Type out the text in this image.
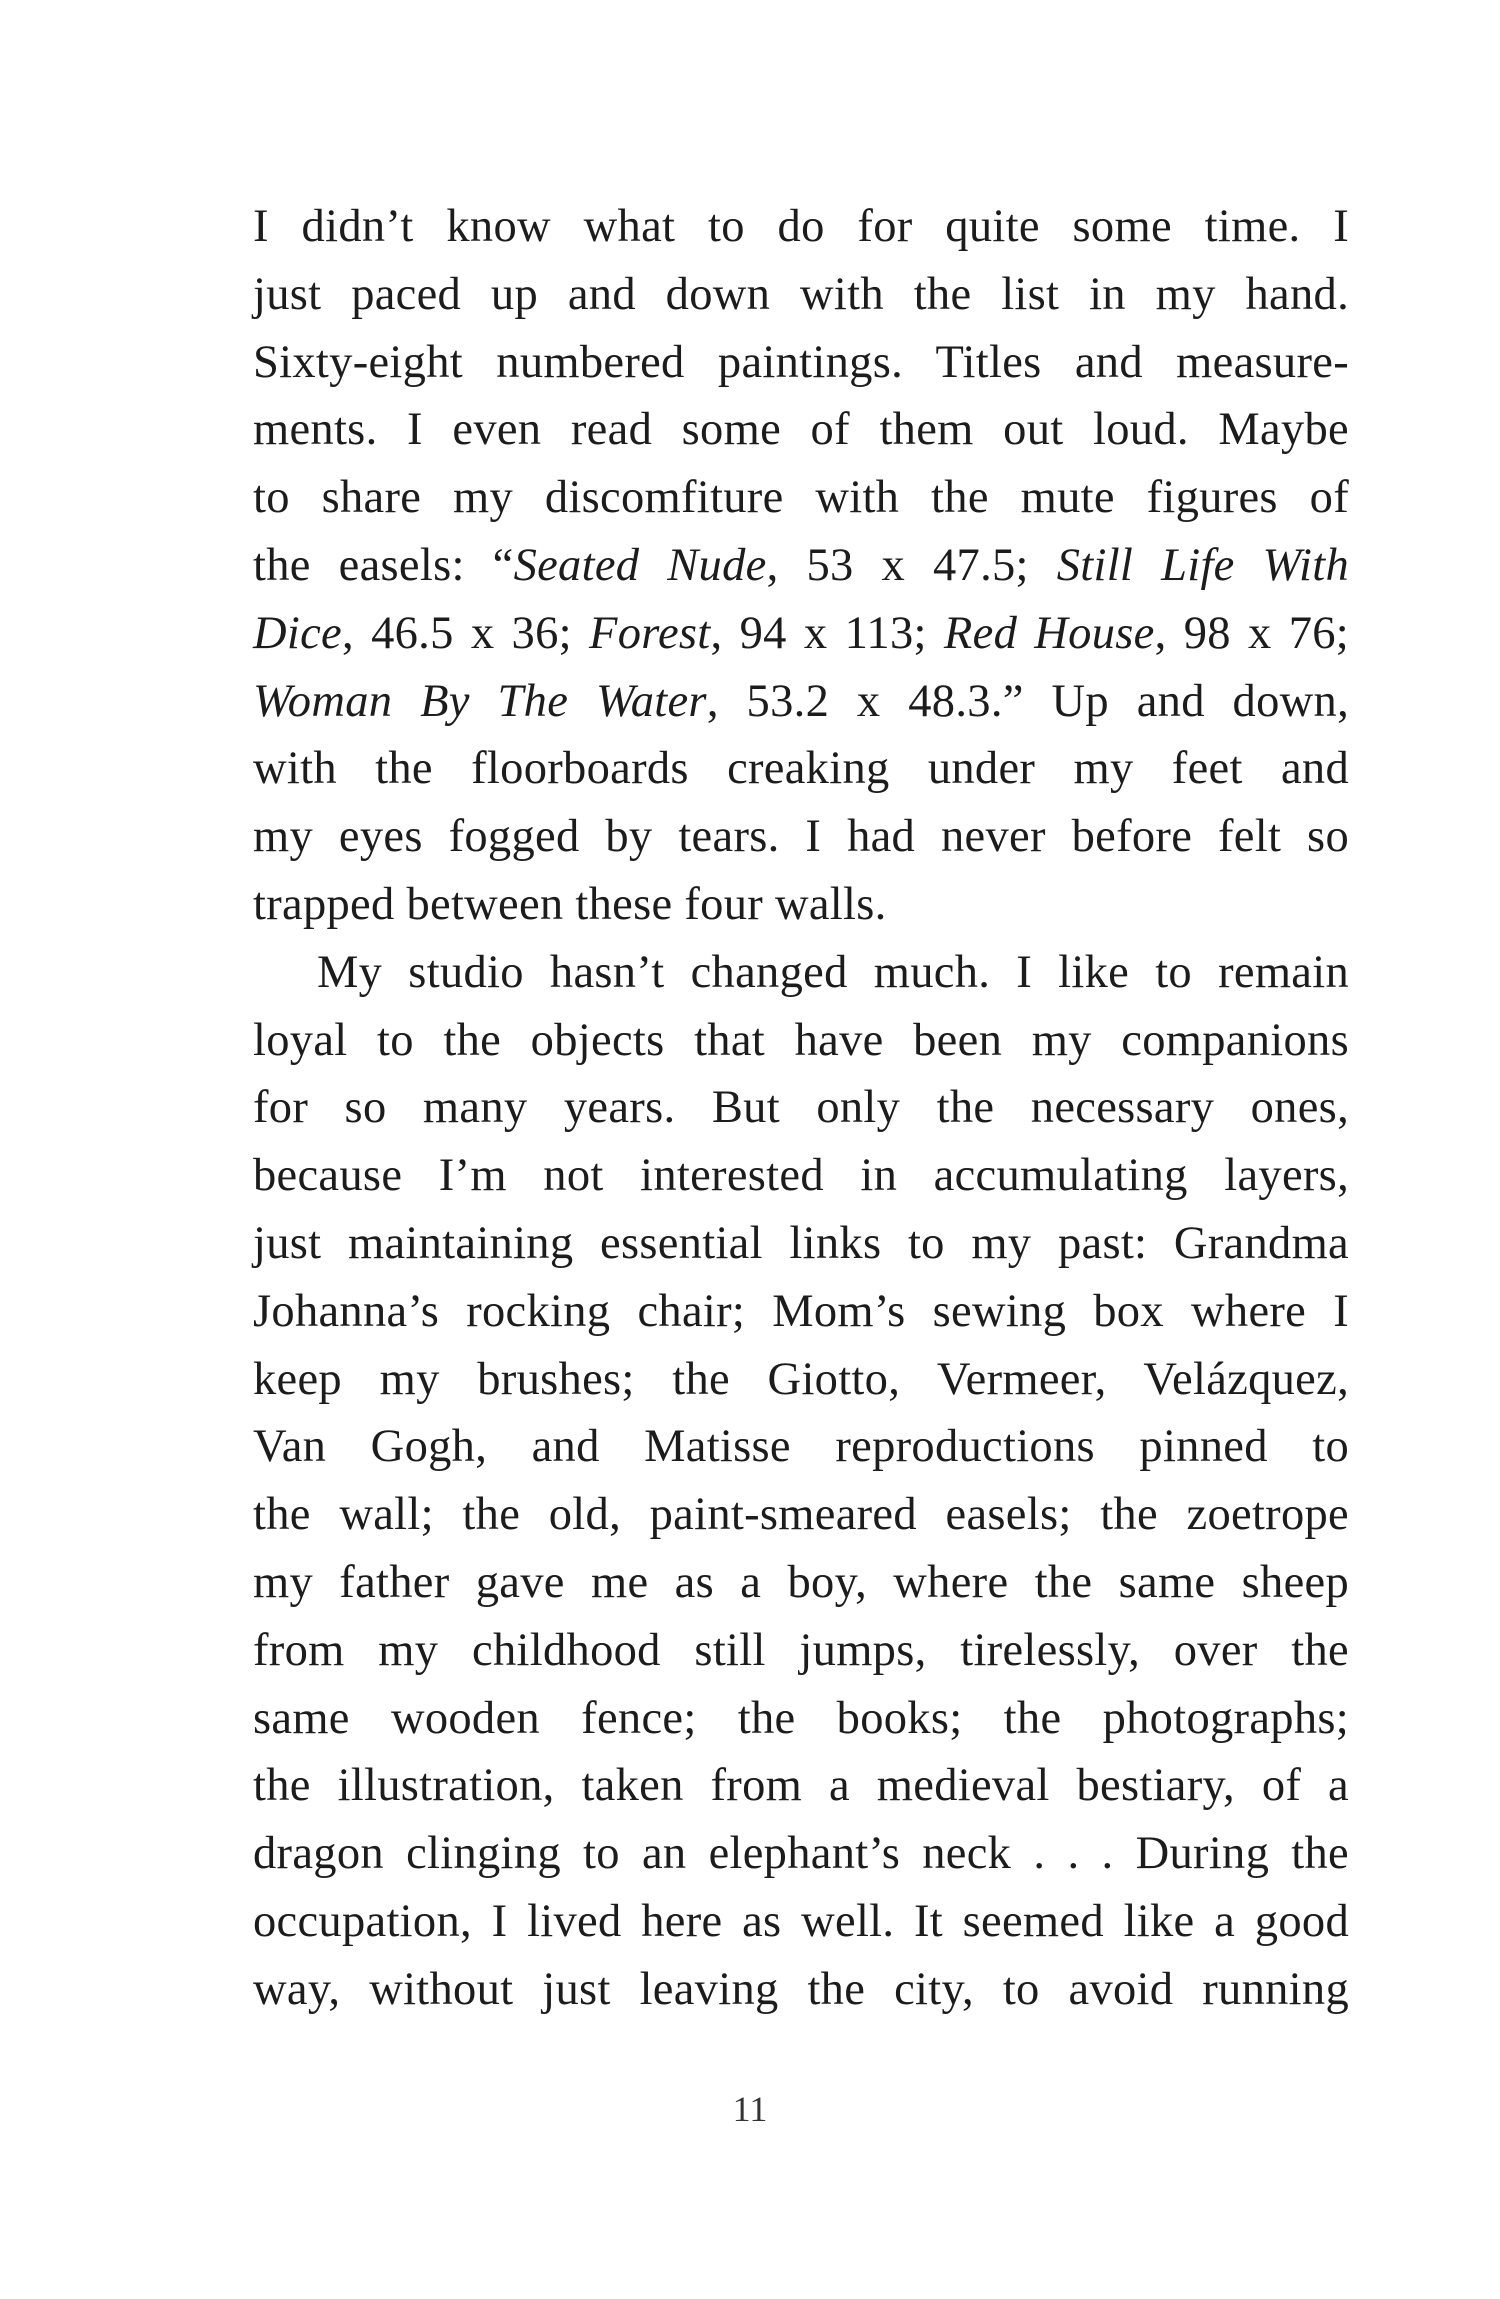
I didn’t know what to do for quite some time. I
just paced up and down with the list in my hand.
Sixty-eight numbered paintings. Titles and measure-
ments. I even read some of them out loud. Maybe
to share my discomfiture with the mute figures of
the easels: “Seated Nude, 53 x 47.5; Still Life With
Dice, 46.5 x 36; Forest, 94 x 113; Red House, 98 x 76;
Woman By The Water, 53.2 x 48.3.” Up and down,
with the floorboards creaking under my feet and
my eyes fogged by tears. I had never before felt so
trapped between these four walls.
My studio hasn’t changed much. I like to remain
loyal to the objects that have been my companions
for so many years. But only the necessary ones,
because I’m not interested in accumulating layers,
just maintaining essential links to my past: Grandma
Johanna’s rocking chair; Mom’s sewing box where I
keep my brushes; the Giotto, Vermeer, Velázquez,
Van Gogh, and Matisse reproductions pinned to
the wall; the old, paint-smeared easels; the zoetrope
my father gave me as a boy, where the same sheep
from my childhood still jumps, tirelessly, over the
same wooden fence; the books; the photographs;
the illustration, taken from a medieval bestiary, of a
dragon clinging to an elephant’s neck . . . During the
occupation, I lived here as well. It seemed like a good
way, without just leaving the city, to avoid running
11
